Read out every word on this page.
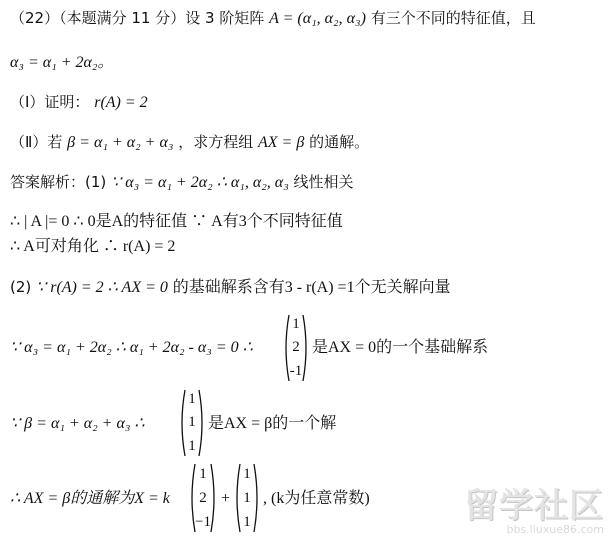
（22）（本题满分 11 分）设 3 阶矩阵 A = (α₁, α₂, α₃) 有三个不同的特征值，且
α₃ = α₁ + 2α₂。
（Ⅰ）证明： r(A) = 2
（Ⅱ）若 β = α₁ + α₂ + α₃ ，求方程组 AX = β 的通解。
答案解析：(1) ∵ α₃ = α₁ + 2α₂ ∴ α₁, α₂, α₃ 线性相关
∴ | A |= 0 ∴ 0是A的特征值 ∵ A有3个不同特征值
∴ A可对角化 ∴ r(A) = 2
(2) ∵ r(A) = 2 ∴ AX = 0 的基础解系含有3 - r(A) =1个无关解向量
∵ α₃ = α₁ + 2α₂ ∴ α₁ + 2α₂ - α₃ = 0 ∴
1
2
-1
是AX = 0的一个基础解系
∵ β = α₁ + α₂ + α₃ ∴
1
1
1
是AX = β的一个解
∴ AX = β的通解为X = k
1
2
−1
+
1
1
1
, (k为任意常数)	留学社区
bbs.liuxue86.com
